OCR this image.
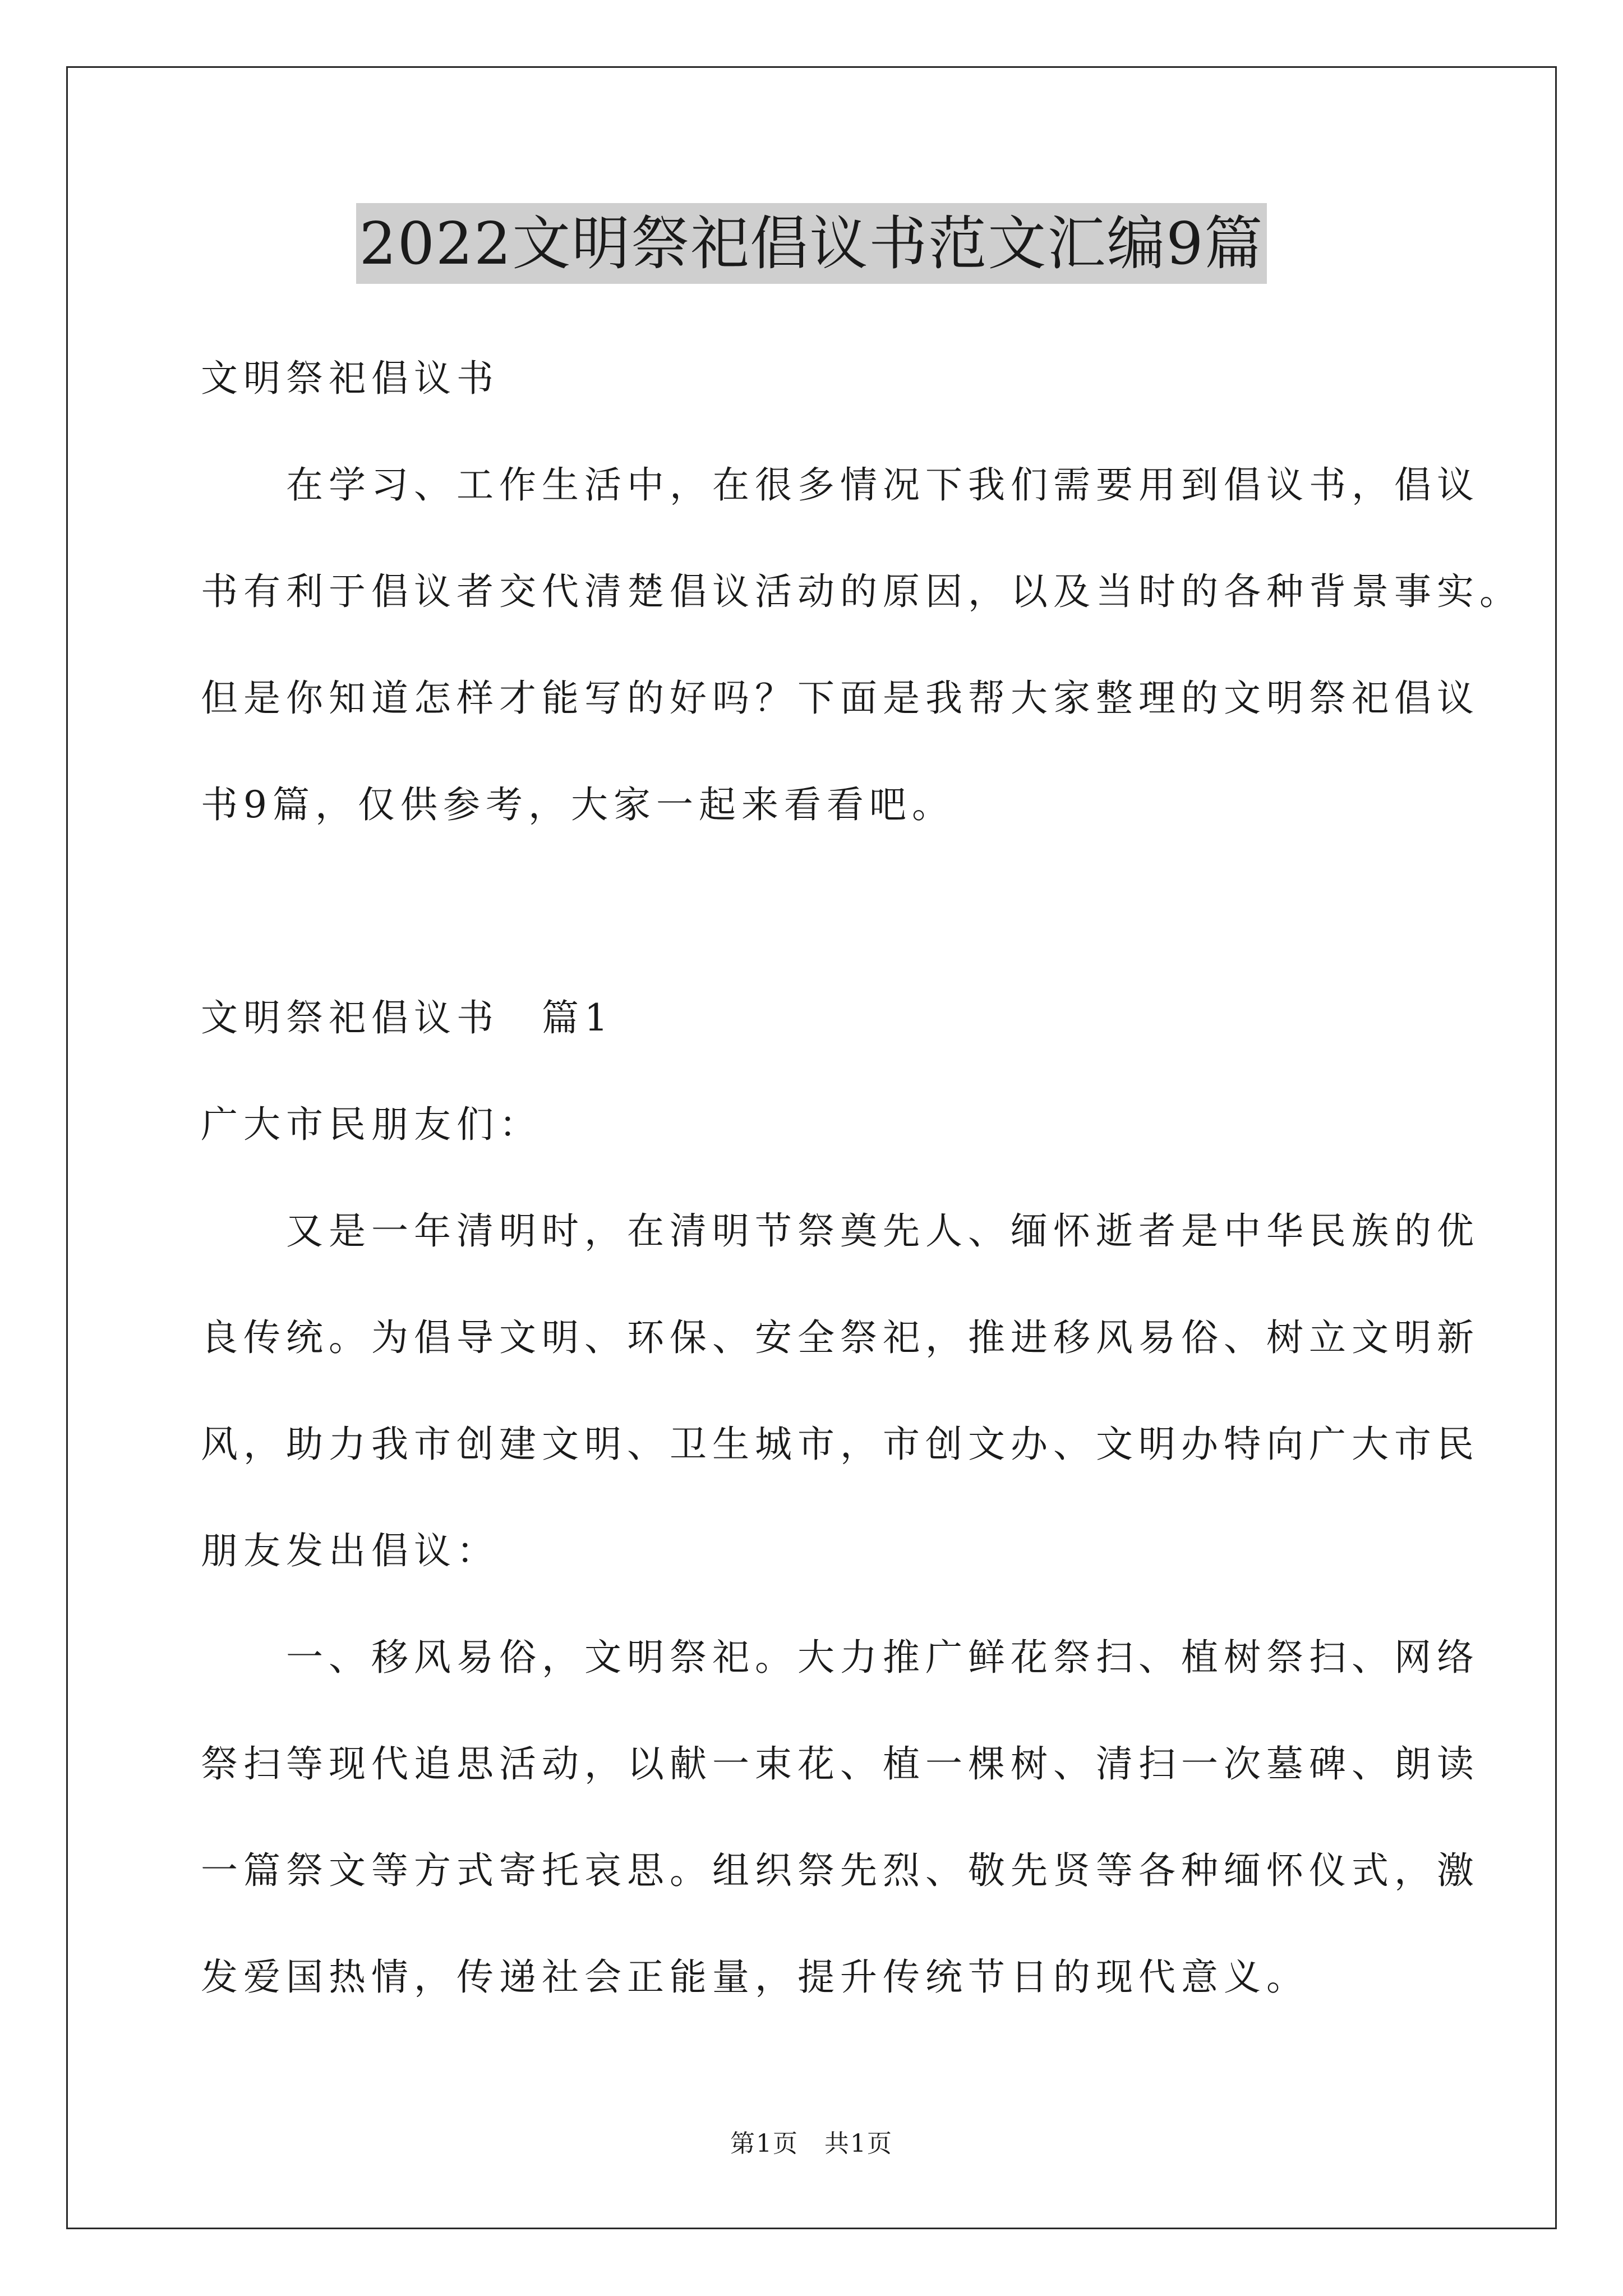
2022文明祭祀倡议书范文汇编9篇
文明祭祀倡议书
　　在学习、工作生活中，在很多情况下我们需要用到倡议书，倡议
书有利于倡议者交代清楚倡议活动的原因，以及当时的各种背景事实。
但是你知道怎样才能写的好吗？下面是我帮大家整理的文明祭祀倡议
书9篇，仅供参考，大家一起来看看吧。
文明祭祀倡议书　篇1
广大市民朋友们：
　　又是一年清明时，在清明节祭奠先人、缅怀逝者是中华民族的优
良传统。为倡导文明、环保、安全祭祀，推进移风易俗、树立文明新
风，助力我市创建文明、卫生城市，市创文办、文明办特向广大市民
朋友发出倡议：
　　一、移风易俗，文明祭祀。大力推广鲜花祭扫、植树祭扫、网络
祭扫等现代追思活动，以献一束花、植一棵树、清扫一次墓碑、朗读
一篇祭文等方式寄托哀思。组织祭先烈、敬先贤等各种缅怀仪式，激
发爱国热情，传递社会正能量，提升传统节日的现代意义。
第1页　共1页
